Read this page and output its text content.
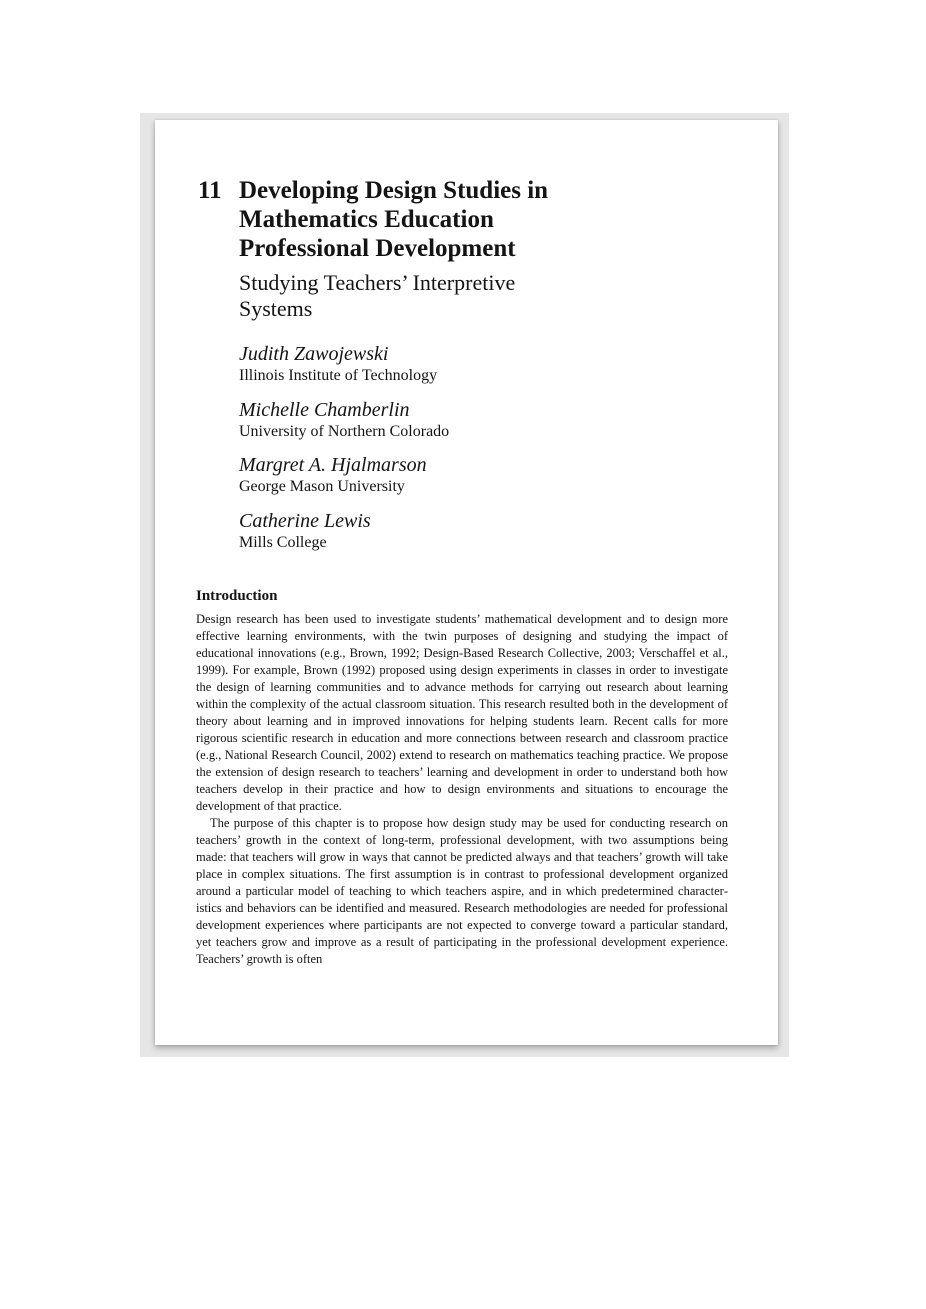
11 Developing Design Studies in
Mathematics Education
Professional Development
Studying Teachers’ Interpretive
Systems
Judith Zawojewski
Illinois Institute of Technology
Michelle Chamberlin
University of Northern Colorado
Margret A. Hjalmarson
George Mason University
Catherine Lewis
Mills College
Introduction

Design research has been used to investigate students’ mathematical development and to design more effective learning environments, with the twin purposes of designing and studying the impact of educational innovations (e.g., Brown, 1992; Design-Based Research Collective, 2003; Verschaffel et al., 1999). For example, Brown (1992) proposed using design experiments in classes in order to investigate the design of learning communities and to advance methods for carrying out research about learning within the complexity of the actual classroom situation. This research resulted both in the development of theory about learning and in improved innovations for helping students learn. Recent calls for more rigorous scientific research in education and more connections between research and classroom practice (e.g., National Research Council, 2002) extend to research on mathematics teaching practice. We propose the extension of design research to teachers’ learning and development in order to understand both how teachers develop in their practice and how to design environments and situations to encourage the development of that practice.

The purpose of this chapter is to propose how design study may be used for conducting research on teachers’ growth in the context of long-term, professional development, with two assumptions being made: that teachers will grow in ways that cannot be predicted always and that teachers’ growth will take place in complex situations. The first assumption is in contrast to professional development organized around a particular model of teaching to which teachers aspire, and in which predetermined characteristics and behaviors can be identified and measured. Research methodologies are needed for professional development experiences where participants are not expected to converge toward a particular standard, yet teachers grow and improve as a result of participating in the professional development experience. Teachers’ growth is often
